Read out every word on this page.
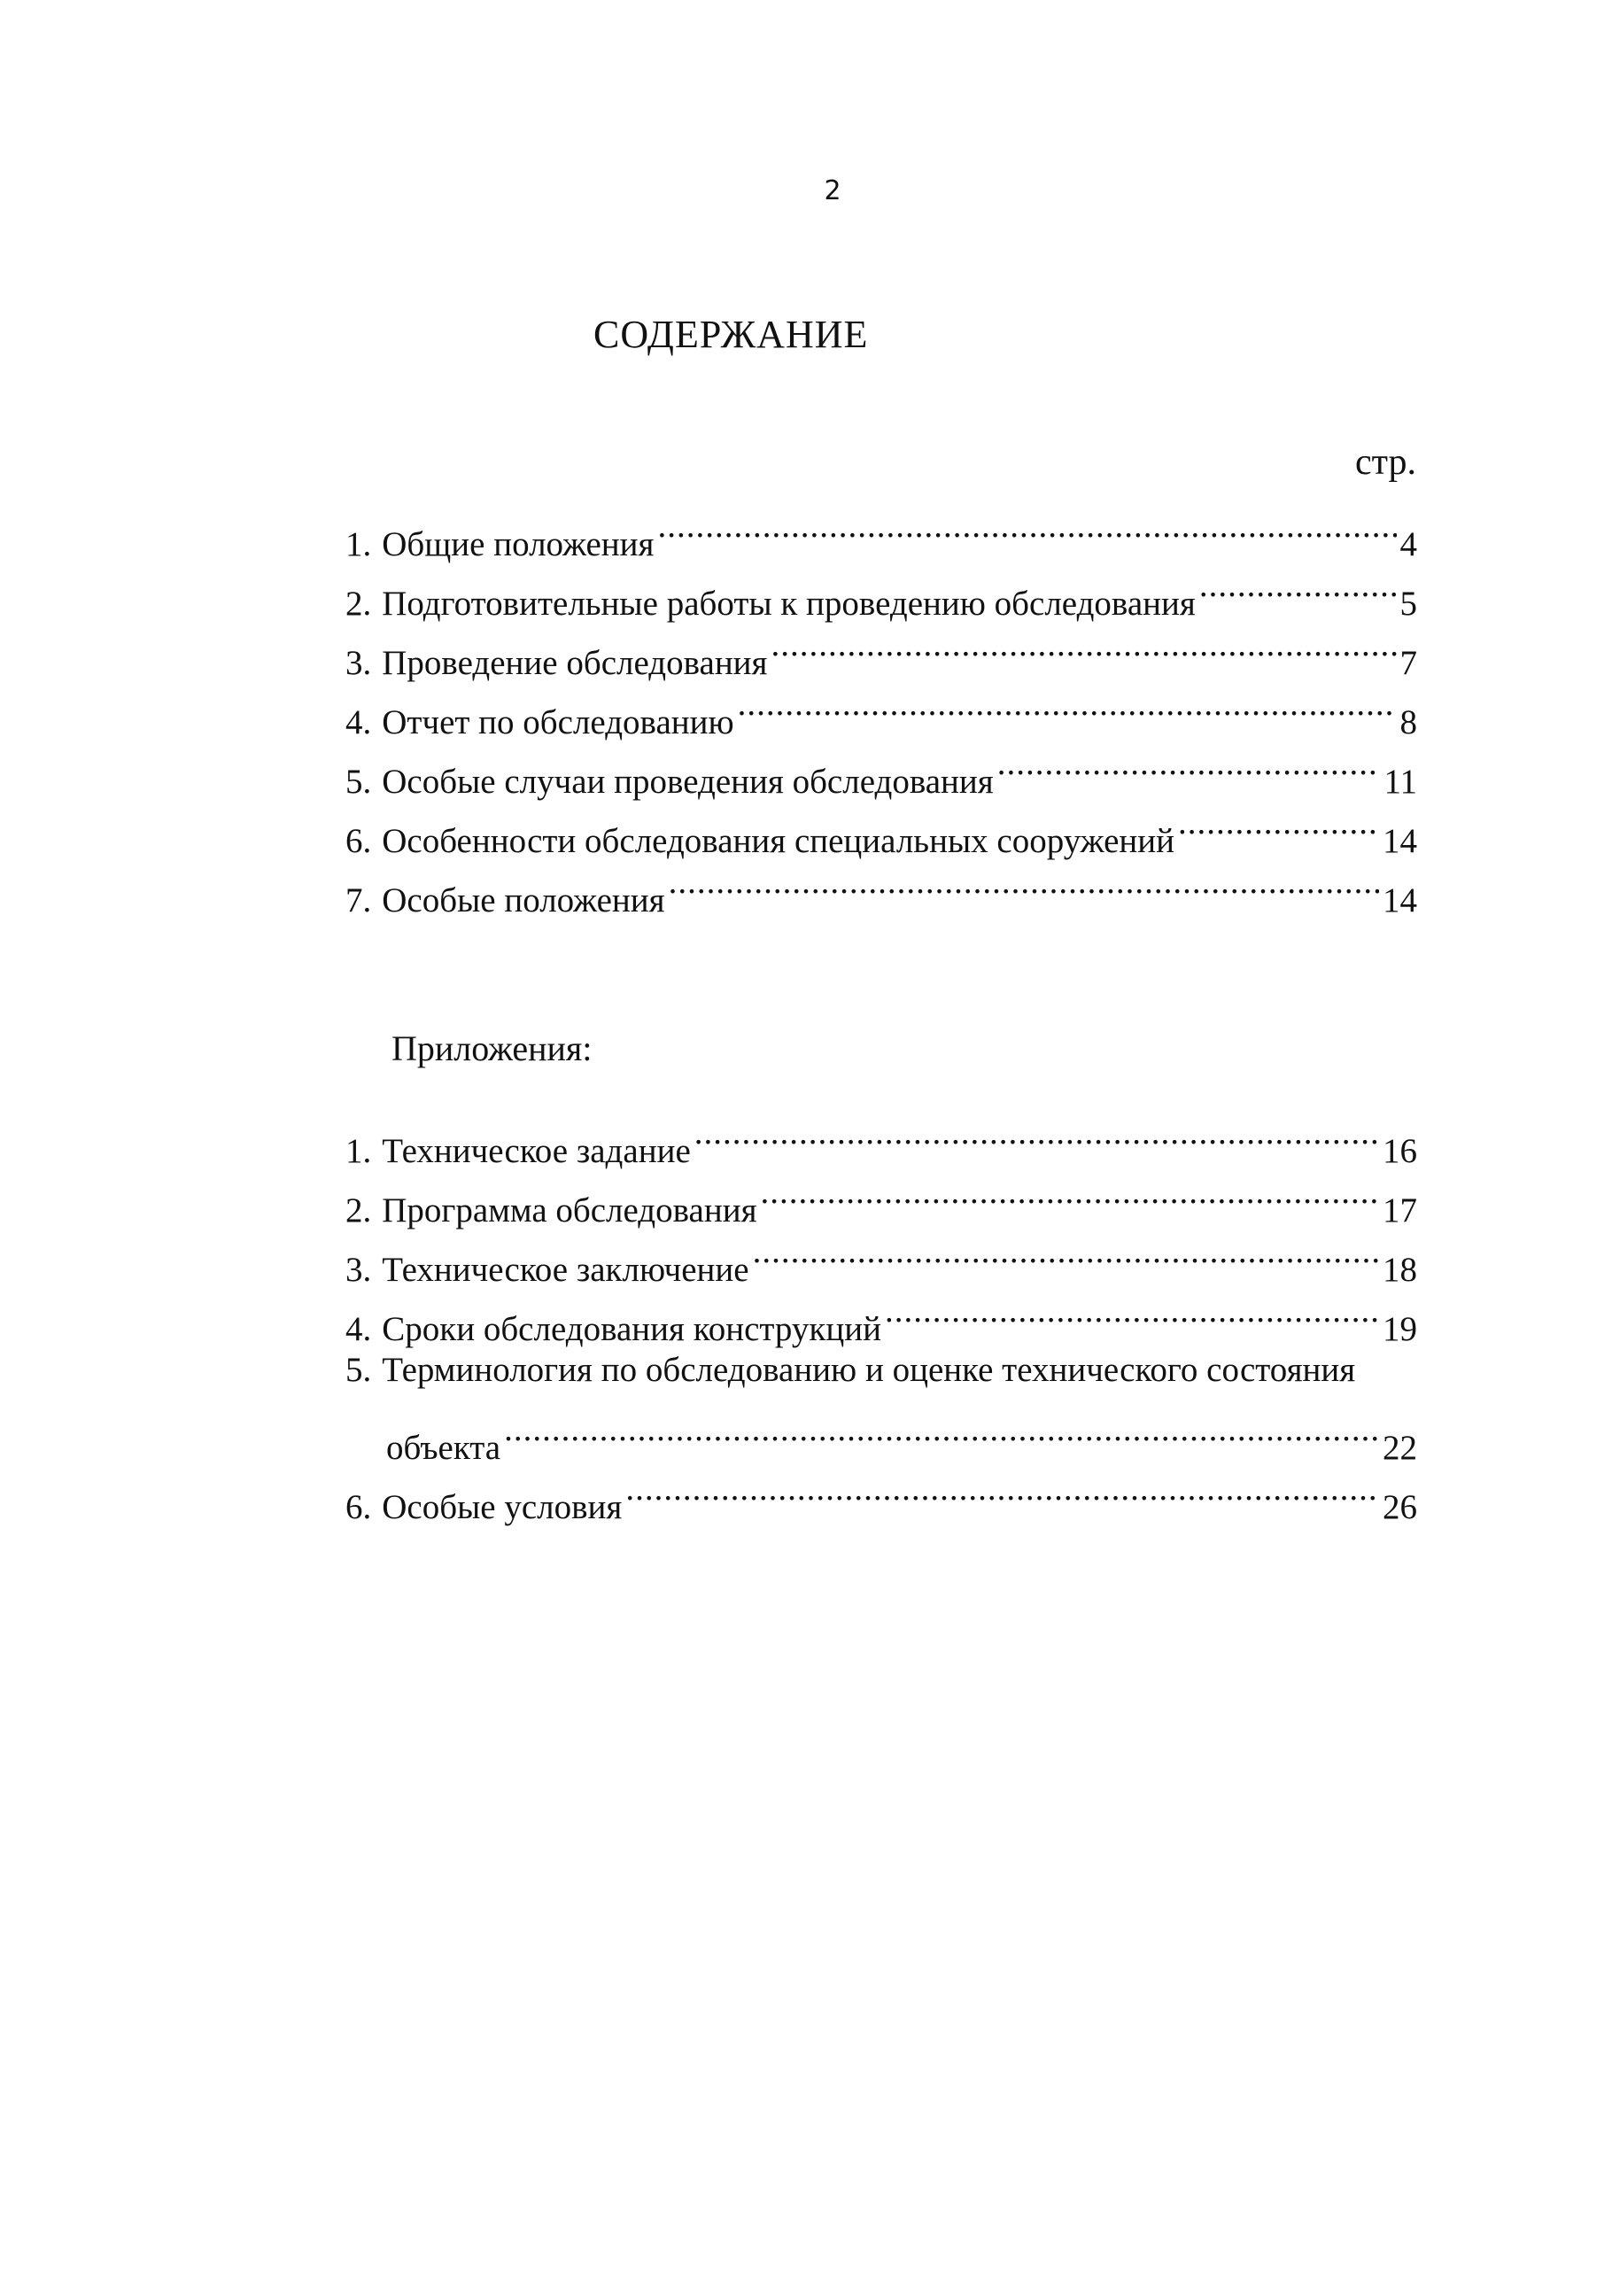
2
СОДЕРЖАНИЕ
стр.
1. Общие положения .....	4
2. Подготовительные работы к проведению обследования .....	5
3. Проведение обследования .....	7
4. Отчет по обследованию .....	8
5. Особые случаи проведения обследования .....	11
6. Особенности обследования специальных сооружений .....	14
7. Особые положения .....	14
Приложения:
1. Техническое задание .....	16
2. Программа обследования .....	17
3. Техническое заключение .....	18
4. Сроки обследования конструкций .....	19
5. Терминология по обследованию и оценке технического состояния
объекта .....	22
6. Особые условия .....	26
